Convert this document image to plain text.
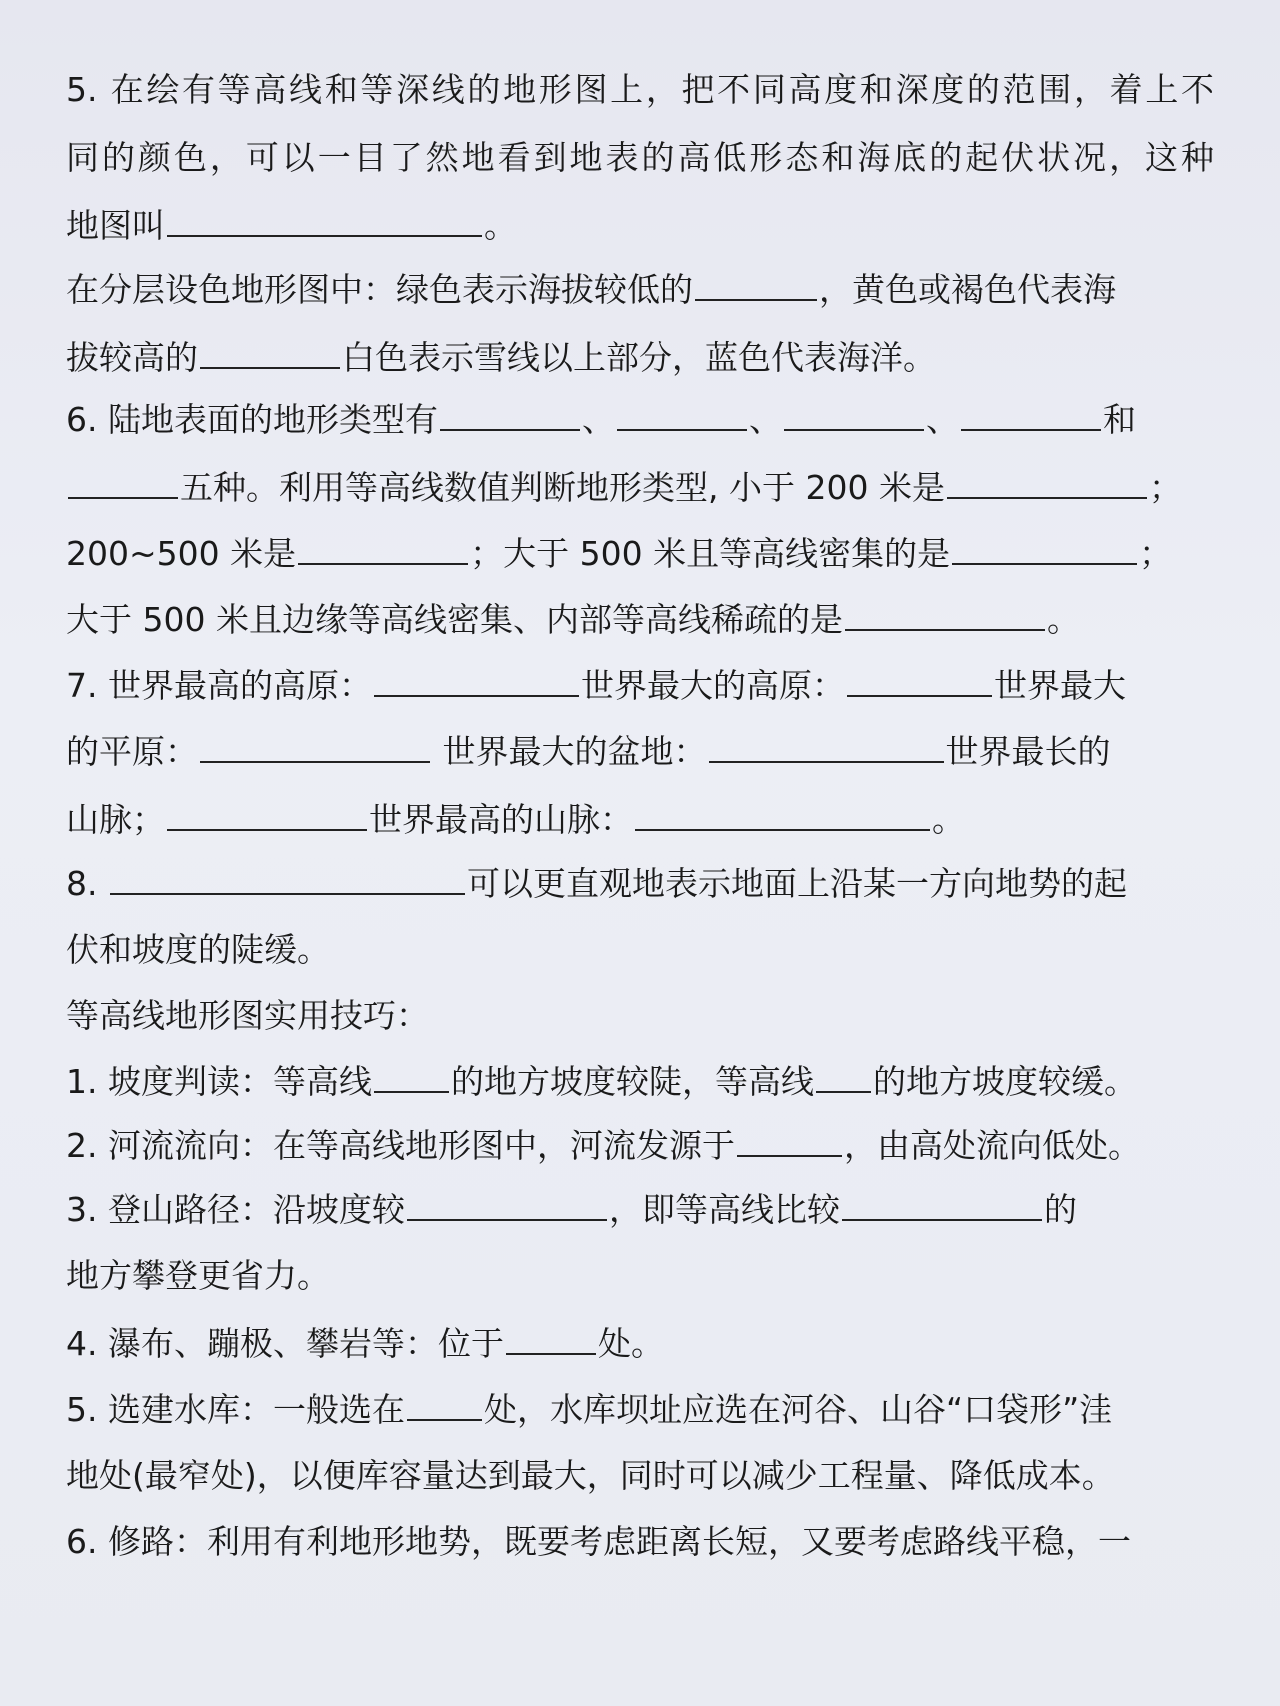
5. 在绘有等高线和等深线的地形图上，把不同高度和深度的范围，着上不
同的颜色，可以一目了然地看到地表的高低形态和海底的起伏状况，这种
地图叫	。
在分层设色地形图中：绿色表示海拔较低的	，黄色或褐色代表海
拔较高的	白色表示雪线以上部分，蓝色代表海洋。
6. 陆地表面的地形类型有	、	、	、	和
五种。利用等高线数值判断地形类型, 小于 200 米是	；
200~500 米是	；大于 500 米且等高线密集的是	；
大于 500 米且边缘等高线密集、内部等高线稀疏的是	。
7. 世界最高的高原：	世界最大的高原：	世界最大
的平原：	世界最大的盆地：	世界最长的
山脉；	世界最高的山脉：	。
8.	可以更直观地表示地面上沿某一方向地势的起
伏和坡度的陡缓。
等高线地形图实用技巧：
1. 坡度判读：等高线 的地方坡度较陡，等高线 的地方坡度较缓。
2. 河流流向：在等高线地形图中，河流发源于	，由高处流向低处。
3. 登山路径：沿坡度较	，即等高线比较	的
地方攀登更省力。
4. 瀑布、蹦极、攀岩等：位于	处。
5. 选建水库：一般选在 处，水库坝址应选在河谷、山谷“口袋形”洼
地处(最窄处)，以便库容量达到最大，同时可以减少工程量、降低成本。
6. 修路：利用有利地形地势，既要考虑距离长短，又要考虑路线平稳，一
